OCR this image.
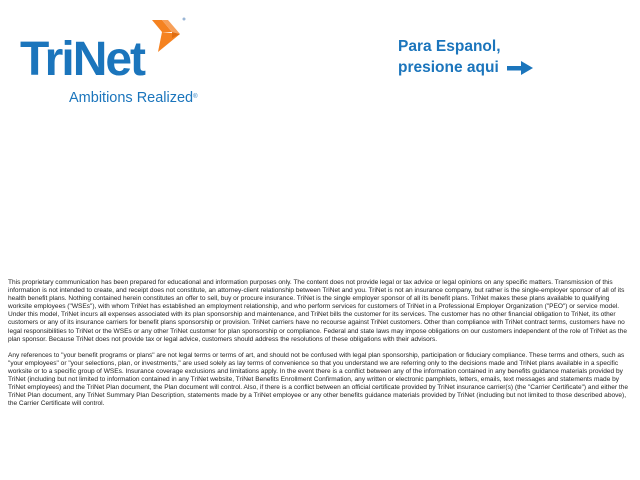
TriNet
Ambitions Realized®
Para Espanol,
presione aqui

This proprietary communication has been prepared for educational and information purposes only. The content does not provide legal or tax advice or legal opinions on any specific matters. Transmission of this information is not intended to create, and receipt does not constitute, an attorney-client relationship between TriNet and you. TriNet is not an insurance company, but rather is the single-employer sponsor of all of its health benefit plans. Nothing contained herein constitutes an offer to sell, buy or procure insurance. TriNet is the single employer sponsor of all its benefit plans. TriNet makes these plans available to qualifying worksite employees ("WSEs"), with whom TriNet has established an employment relationship, and who perform services for customers of TriNet in a Professional Employer Organization ("PEO") or service model. Under this model, TriNet incurs all expenses associated with its plan sponsorship and maintenance, and TriNet bills the customer for its services. The customer has no other financial obligation to TriNet, its other customers or any of its insurance carriers for benefit plans sponsorship or provision. TriNet carriers have no recourse against TriNet customers. Other than compliance with TriNet contract terms, customers have no legal responsibilities to TriNet or the WSEs or any other TriNet customer for plan sponsorship or compliance. Federal and state laws may impose obligations on our customers independent of the role of TriNet as the plan sponsor. Because TriNet does not provide tax or legal advice, customers should address the resolutions of these obligations with their advisors.

Any references to "your benefit programs or plans" are not legal terms or terms of art, and should not be confused with legal plan sponsorship, participation or fiduciary compliance. These terms and others, such as "your employees" or "your selections, plan, or investments," are used solely as lay terms of convenience so that you understand we are referring only to the decisions made and TriNet plans available in a specific worksite or to a specific group of WSEs. Insurance coverage exclusions and limitations apply. In the event there is a conflict between any of the information contained in any benefits guidance materials provided by TriNet (including but not limited to information contained in any TriNet website, TriNet Benefits Enrollment Confirmation, any written or electronic pamphlets, letters, emails, text messages and statements made by TriNet employees) and the TriNet Plan document, the Plan document will control. Also, if there is a conflict between an official certificate provided by TriNet insurance carrier(s) (the "Carrier Certificate") and either the TriNet Plan document, any TriNet Summary Plan Description, statements made by a TriNet employee or any other benefits guidance materials provided by TriNet (including but not limited to those described above), the Carrier Certificate will control.
